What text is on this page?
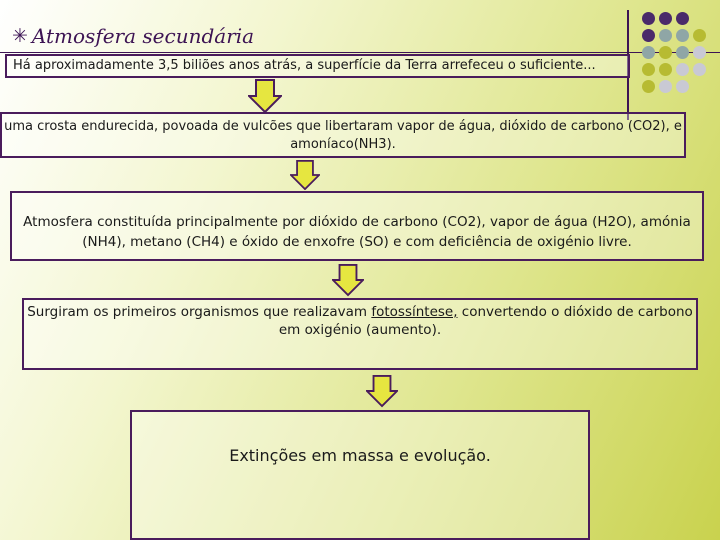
✳ Atmosfera secundária
Há aproximadamente 3,5 biliões anos atrás, a superfície da Terra arrefeceu o suficiente...
uma crosta endurecida, povoada de vulcões que libertaram vapor de água, dióxido de carbono (CO2), e amoníaco(NH3).
Atmosfera constituída principalmente por dióxido de carbono (CO2), vapor de água (H2O), amónia (NH4), metano (CH4) e óxido de enxofre (SO) e com deficiência de oxigénio livre.
Surgiram os primeiros organismos que realizavam fotossíntese, convertendo o dióxido de carbono em oxigénio (aumento).
Extinções em massa e evolução.
